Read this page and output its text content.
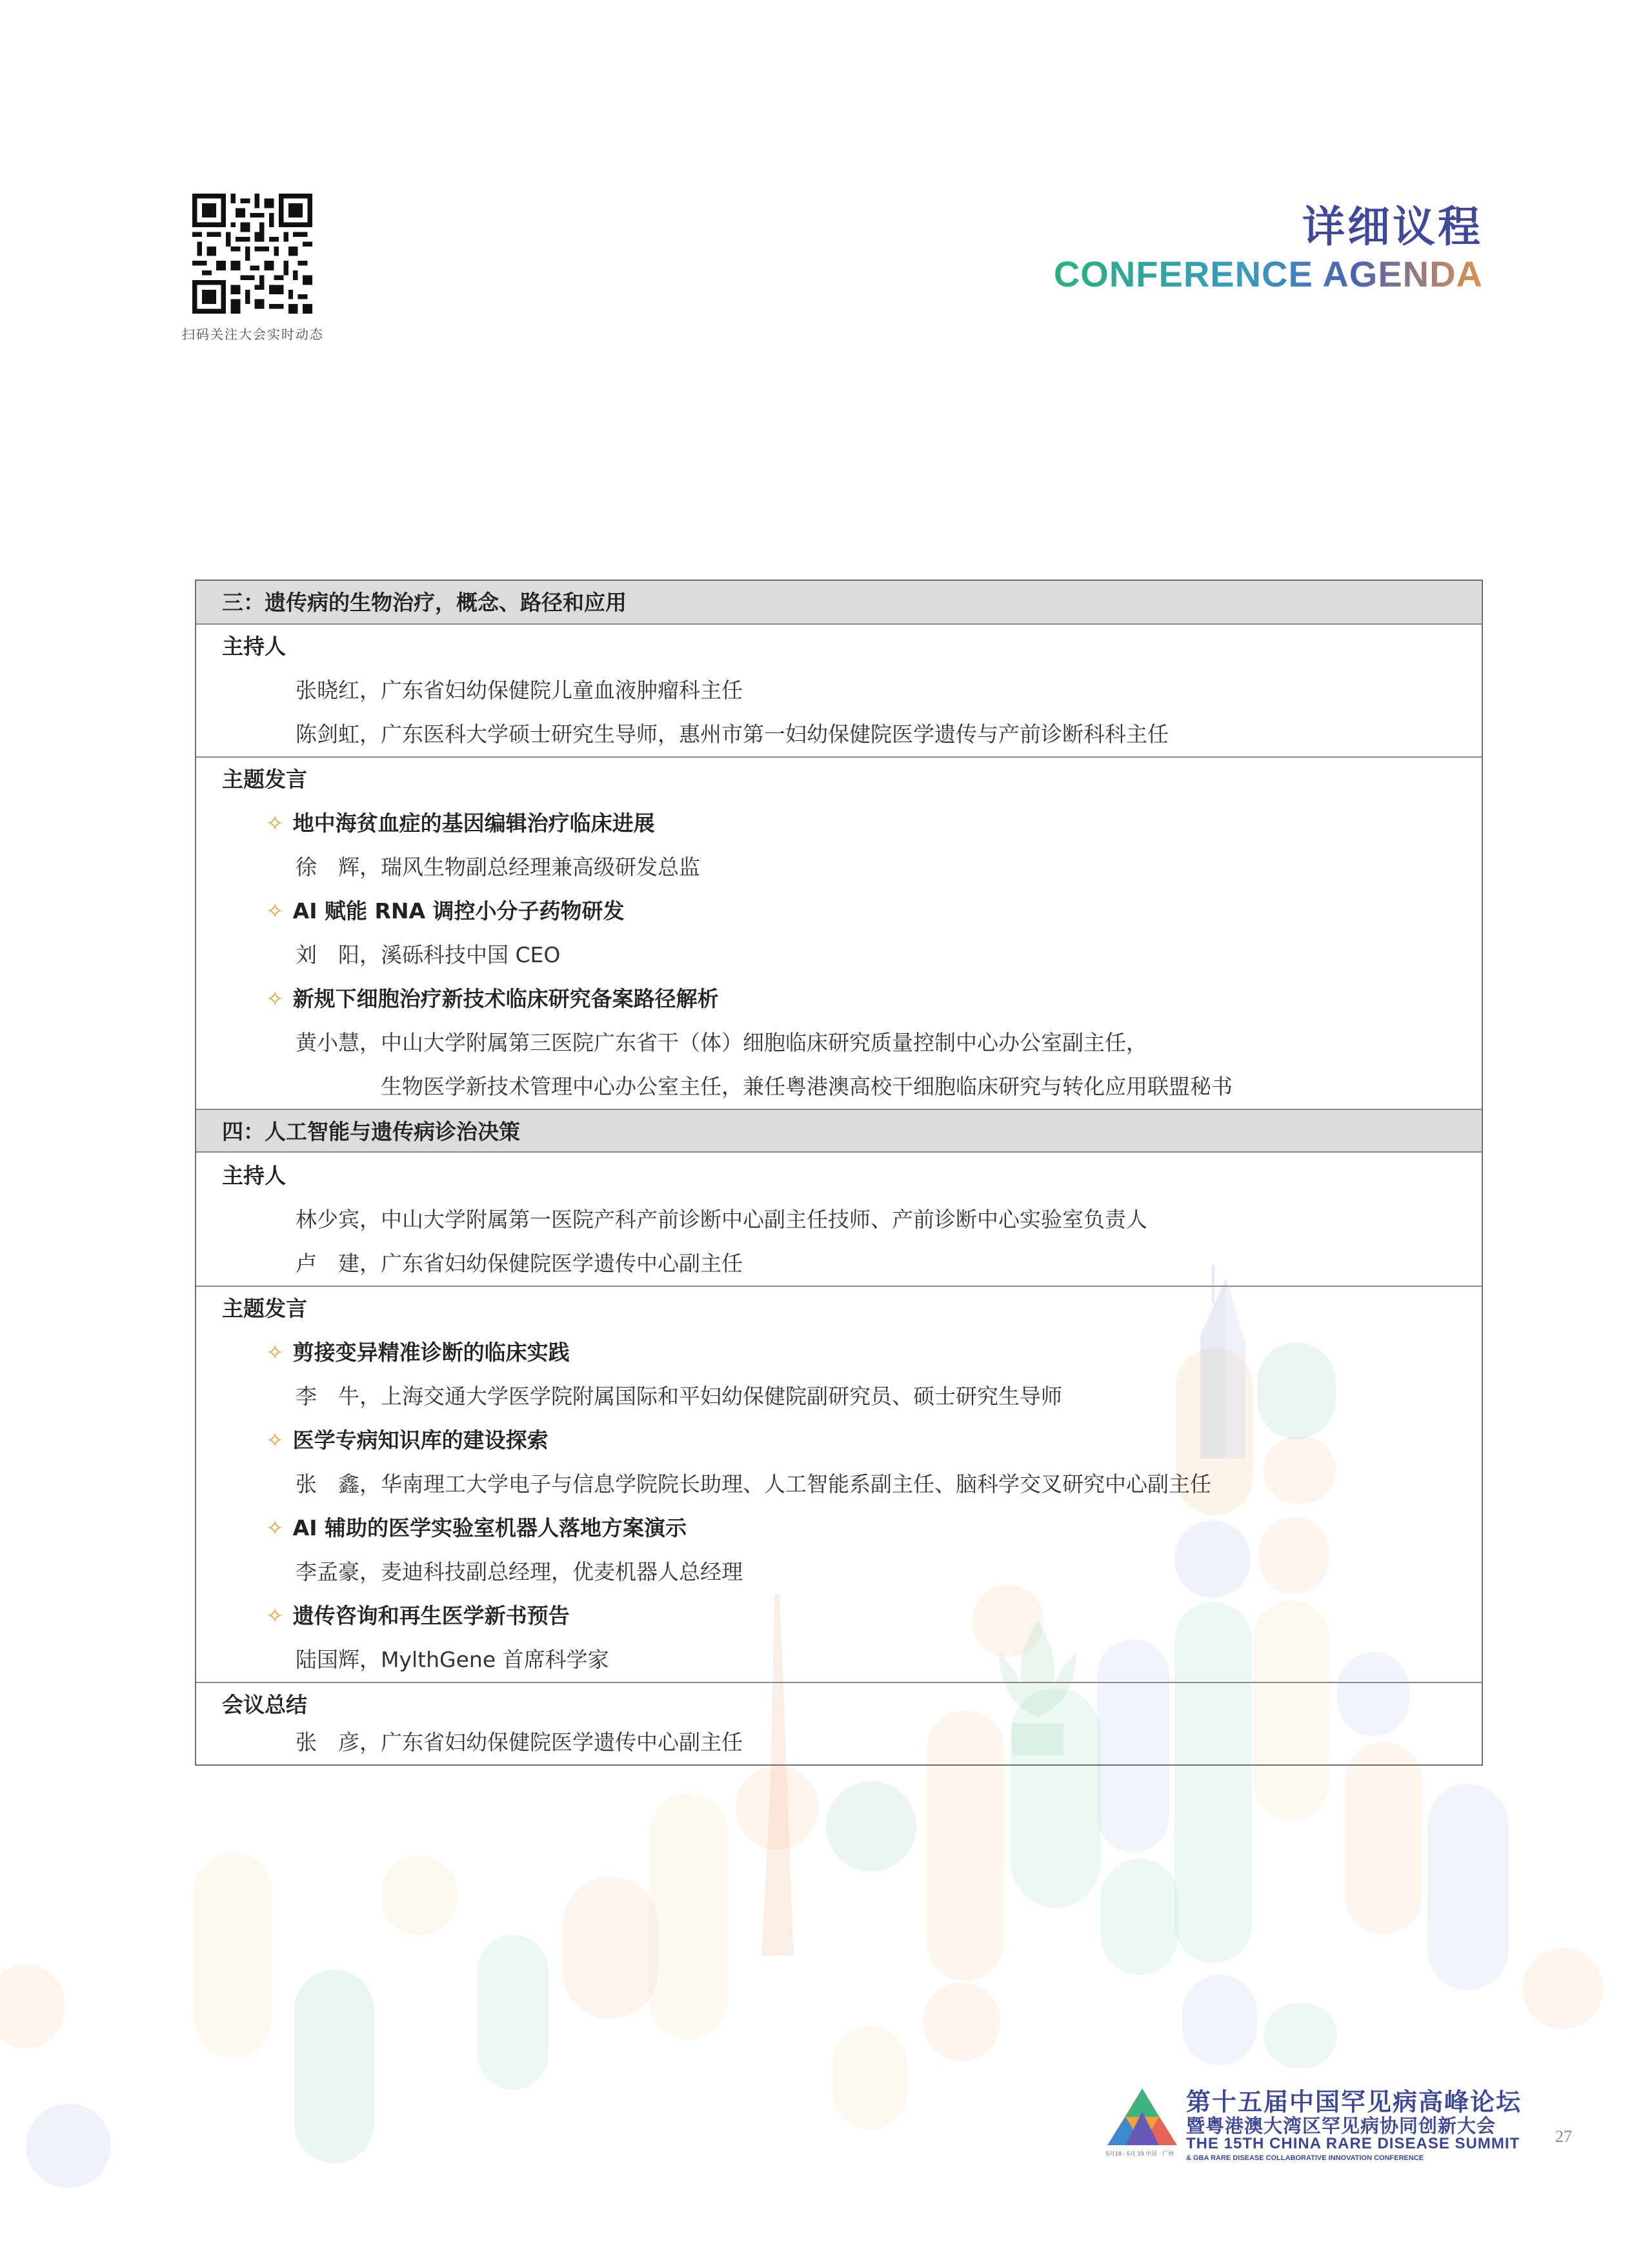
扫码关注大会实时动态
详细议程
CONFERENCE AGENDA
三：遗传病的生物治疗，概念、路径和应用
主持人
张晓红，广东省妇幼保健院儿童血液肿瘤科主任
陈剑虹，广东医科大学硕士研究生导师，惠州市第一妇幼保健院医学遗传与产前诊断科科主任
主题发言
✧ 地中海贫血症的基因编辑治疗临床进展
徐　辉，瑞风生物副总经理兼高级研发总监
✧ AI 赋能 RNA 调控小分子药物研发
刘　阳，溪砾科技中国 CEO
✧ 新规下细胞治疗新技术临床研究备案路径解析
黄小慧，中山大学附属第三医院广东省干（体）细胞临床研究质量控制中心办公室副主任，
生物医学新技术管理中心办公室主任，兼任粤港澳高校干细胞临床研究与转化应用联盟秘书
四：人工智能与遗传病诊治决策
主持人
林少宾，中山大学附属第一医院产科产前诊断中心副主任技师、产前诊断中心实验室负责人
卢　建，广东省妇幼保健院医学遗传中心副主任
主题发言
✧ 剪接变异精准诊断的临床实践
李　牛，上海交通大学医学院附属国际和平妇幼保健院副研究员、硕士研究生导师
✧ 医学专病知识库的建设探索
张　鑫，华南理工大学电子与信息学院院长助理、人工智能系副主任、脑科学交叉研究中心副主任
✧ AI 辅助的医学实验室机器人落地方案演示
李孟豪，麦迪科技副总经理，优麦机器人总经理
✧ 遗传咨询和再生医学新书预告
陆国辉，MylthGene 首席科学家
会议总结
张　彦，广东省妇幼保健院医学遗传中心副主任
5月18 - 5月 19 中国 · 广州
第十五届中国罕见病高峰论坛
暨粤港澳大湾区罕见病协同创新大会
THE 15TH CHINA RARE DISEASE SUMMIT
& GBA RARE DISEASE COLLABORATIVE INNOVATION CONFERENCE
27
